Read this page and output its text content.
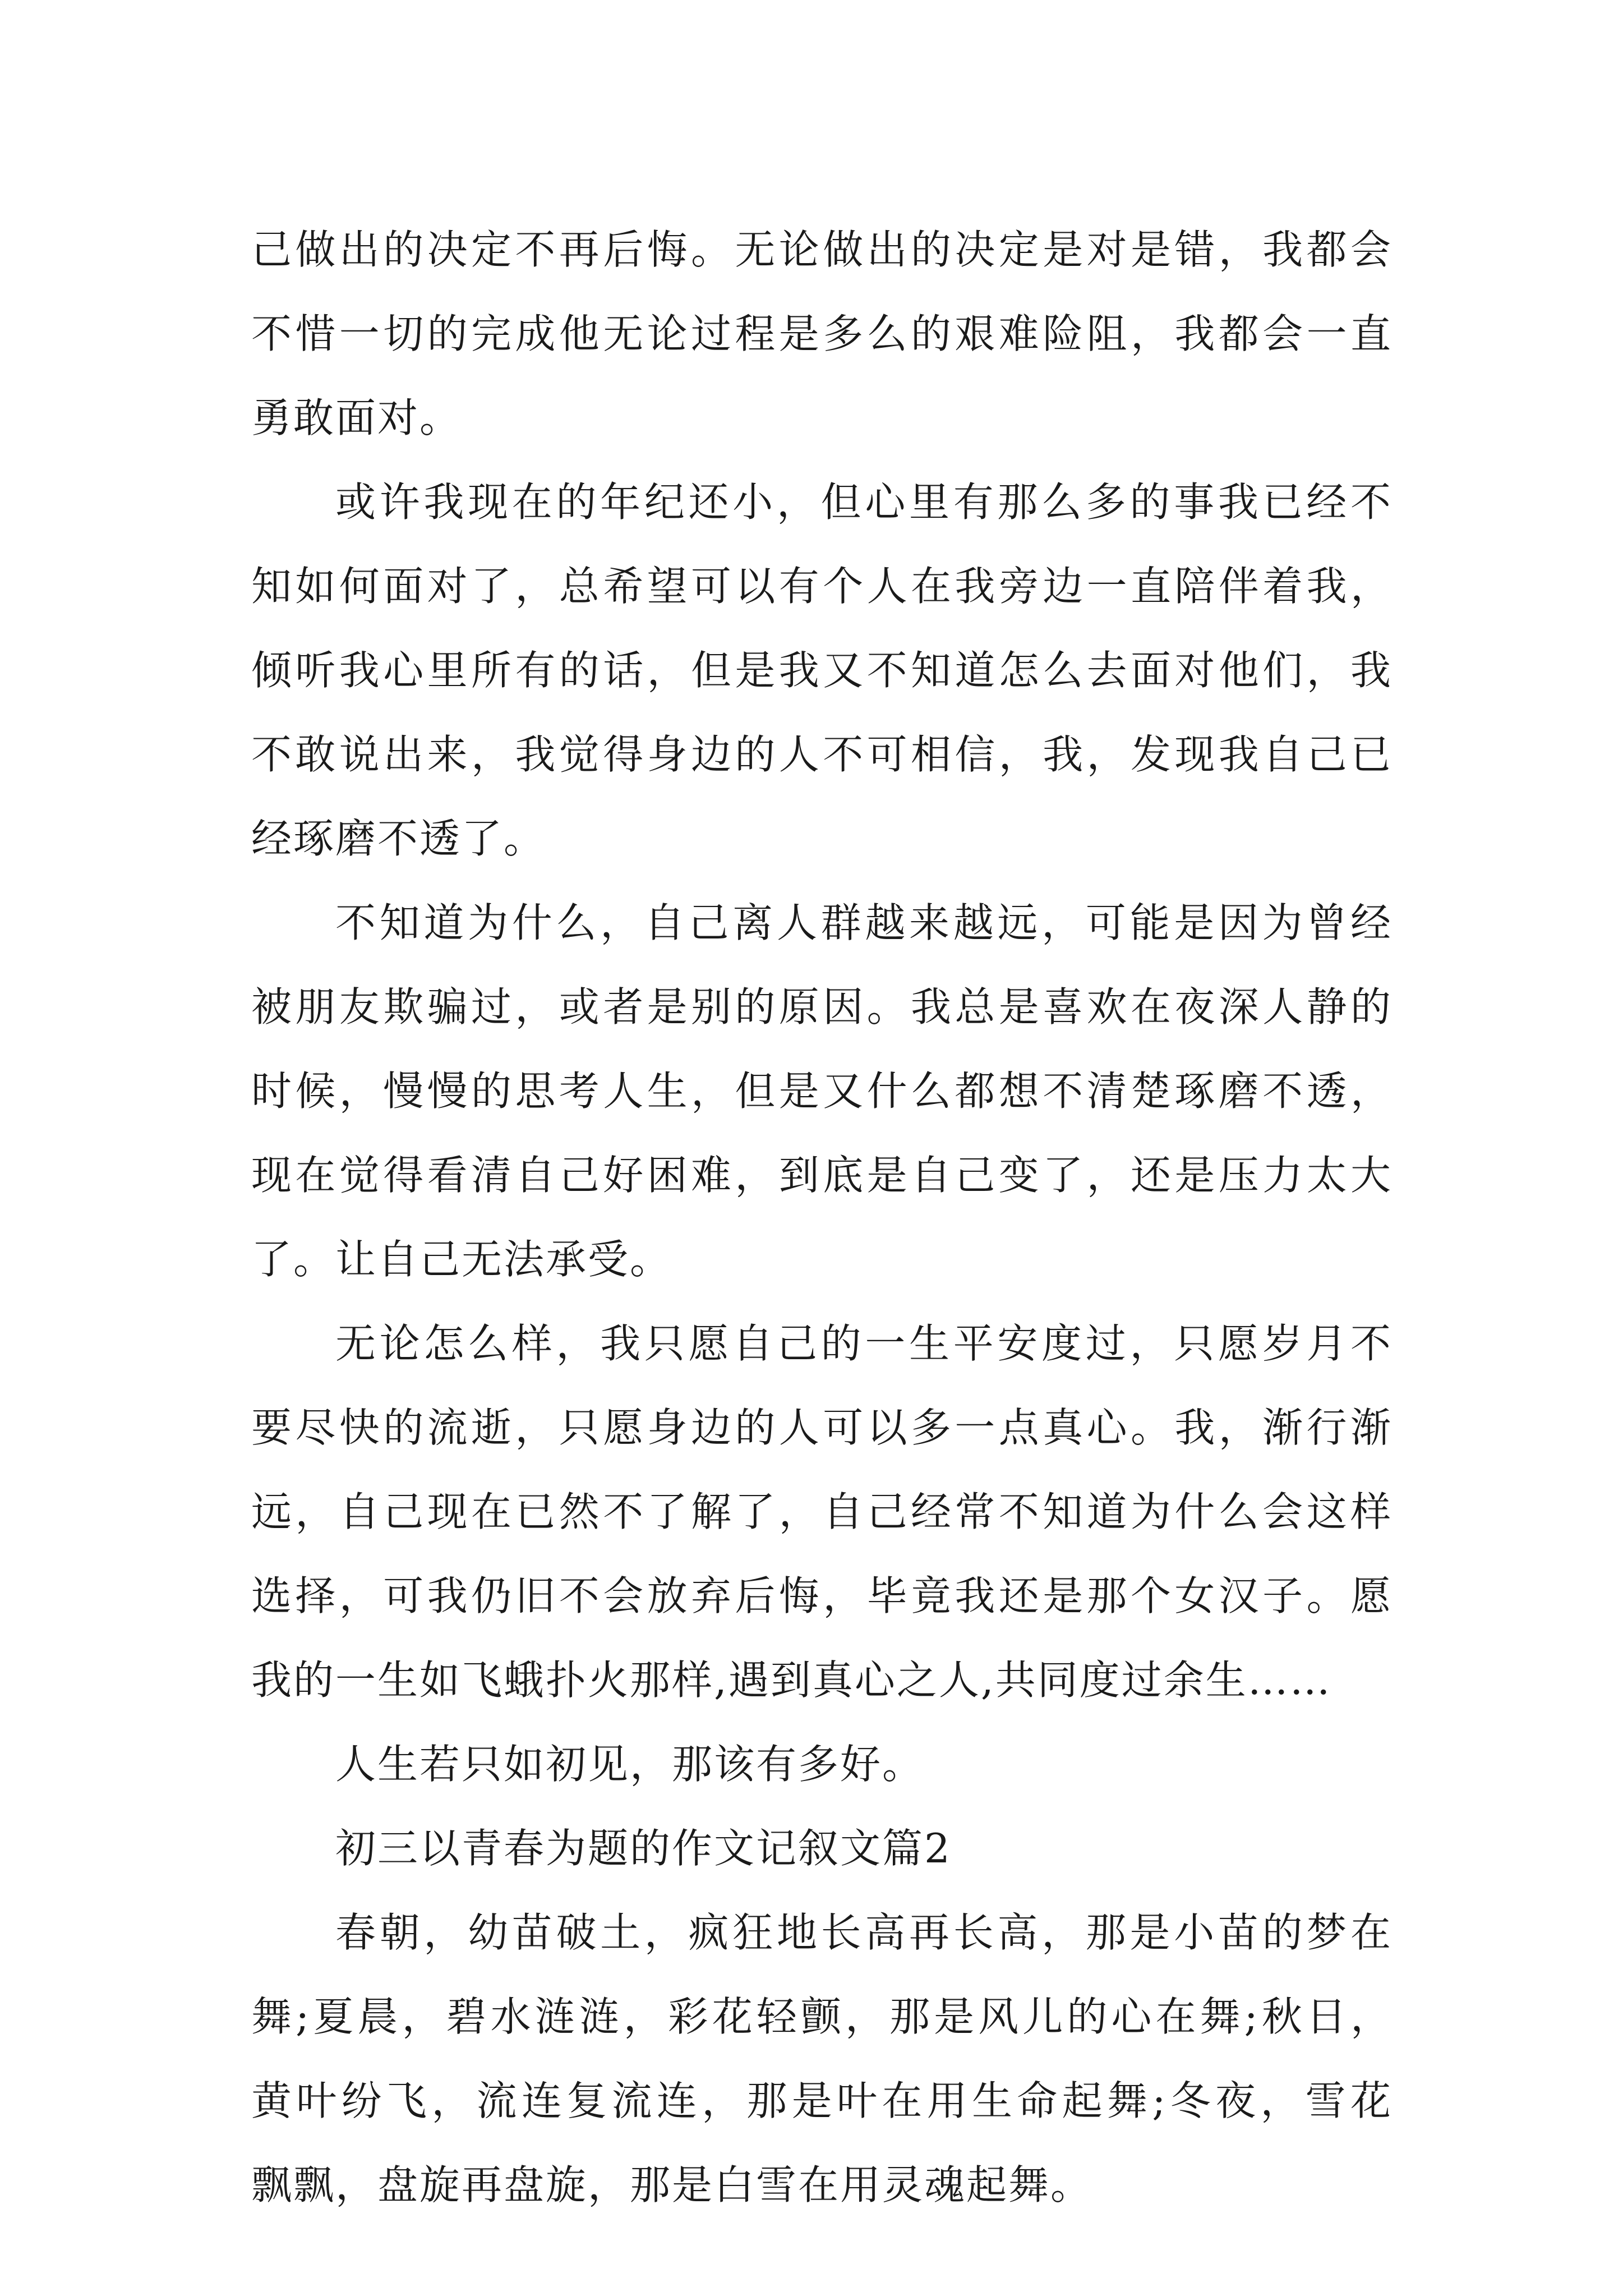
己做出的决定不再后悔。无论做出的决定是对是错，我都会
不惜一切的完成他无论过程是多么的艰难险阻，我都会一直
勇敢面对。
或许我现在的年纪还小，但心里有那么多的事我已经不
知如何面对了，总希望可以有个人在我旁边一直陪伴着我，
倾听我心里所有的话，但是我又不知道怎么去面对他们，我
不敢说出来，我觉得身边的人不可相信，我，发现我自己已
经琢磨不透了。
不知道为什么，自己离人群越来越远，可能是因为曾经
被朋友欺骗过，或者是别的原因。我总是喜欢在夜深人静的
时候，慢慢的思考人生，但是又什么都想不清楚琢磨不透，
现在觉得看清自己好困难，到底是自己变了，还是压力太大
了。让自己无法承受。
无论怎么样，我只愿自己的一生平安度过，只愿岁月不
要尽快的流逝，只愿身边的人可以多一点真心。我，渐行渐
远，自己现在已然不了解了，自己经常不知道为什么会这样
选择，可我仍旧不会放弃后悔，毕竟我还是那个女汉子。愿
我的一生如飞蛾扑火那样,遇到真心之人,共同度过余生……
人生若只如初见，那该有多好。
初三以青春为题的作文记叙文篇2
春朝，幼苗破土，疯狂地长高再长高，那是小苗的梦在
舞;夏晨，碧水涟涟，彩花轻颤，那是风儿的心在舞;秋日，
黄叶纷飞，流连复流连，那是叶在用生命起舞;冬夜，雪花
飘飘，盘旋再盘旋，那是白雪在用灵魂起舞。
